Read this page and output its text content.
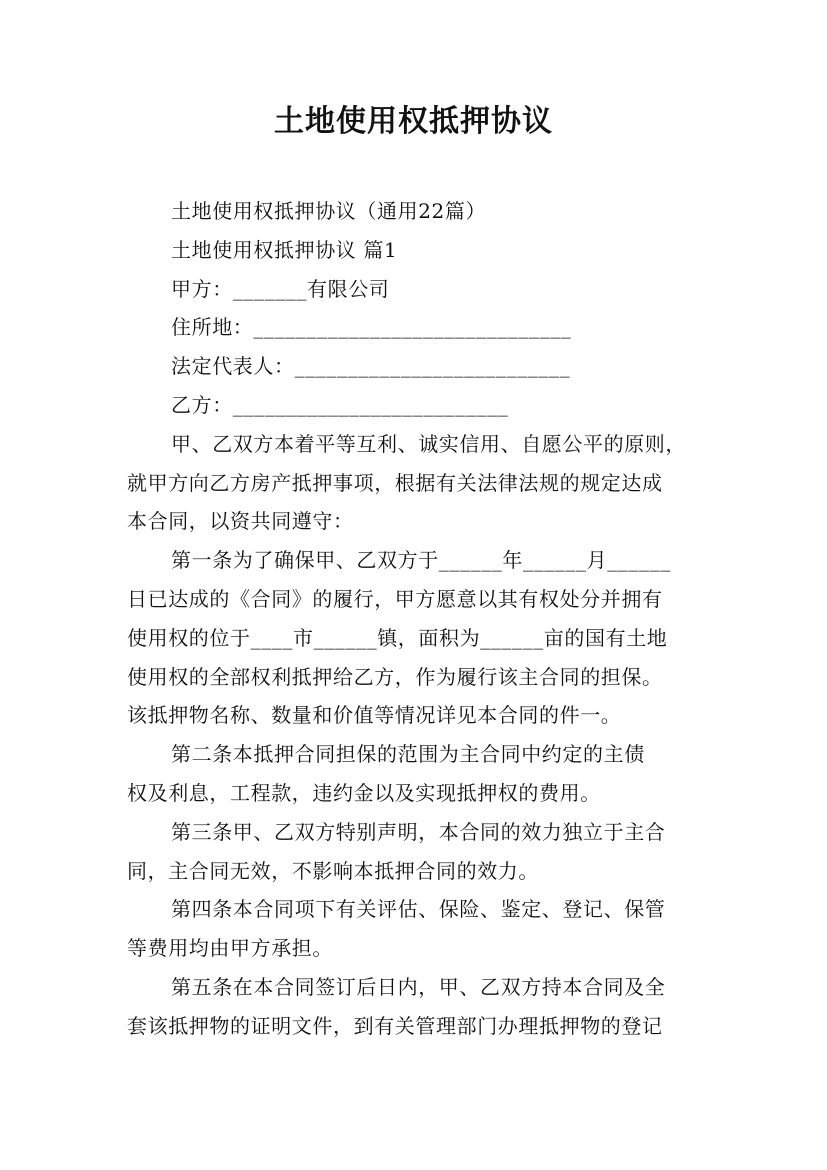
土地使用权抵押协议
土地使用权抵押协议（通用22篇）
土地使用权抵押协议 篇1
甲方：_______有限公司
住所地：______________________________
法定代表人：__________________________
乙方：__________________________
甲、乙双方本着平等互利、诚实信用、自愿公平的原则，
就甲方向乙方房产抵押事项，根据有关法律法规的规定达成
本合同，以资共同遵守：
第一条为了确保甲、乙双方于______年______月______
日已达成的《合同》的履行，甲方愿意以其有权处分并拥有
使用权的位于____市______镇，面积为______亩的国有土地
使用权的全部权利抵押给乙方，作为履行该主合同的担保。
该抵押物名称、数量和价值等情况详见本合同的件一。
第二条本抵押合同担保的范围为主合同中约定的主债
权及利息，工程款，违约金以及实现抵押权的费用。
第三条甲、乙双方特别声明，本合同的效力独立于主合
同，主合同无效，不影响本抵押合同的效力。
第四条本合同项下有关评估、保险、鉴定、登记、保管
等费用均由甲方承担。
第五条在本合同签订后日内，甲、乙双方持本合同及全
套该抵押物的证明文件，到有关管理部门办理抵押物的登记
